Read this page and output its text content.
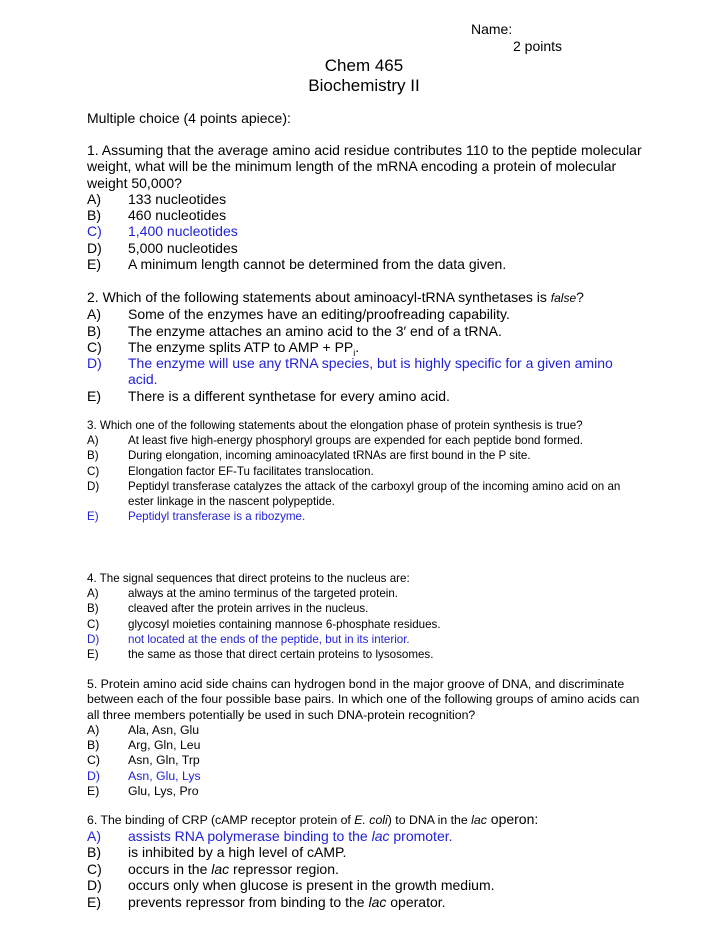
Name:
2 points
Chem 465
Biochemistry II
Multiple choice (4 points apiece):

1. Assuming that the average amino acid residue contributes 110 to the peptide molecular weight, what will be the minimum length of the mRNA encoding a protein of molecular weight 50,000?

A)	133 nucleotides
B)	460 nucleotides
C)	1,400 nucleotides
D)	5,000 nucleotides
E)	A minimum length cannot be determined from the data given.

2. Which of the following statements about aminoacyl-tRNA synthetases is false?

A)	Some of the enzymes have an editing/proofreading capability.
B)	The enzyme attaches an amino acid to the 3′ end of a tRNA.
C)	The enzyme splits ATP to AMP + $PP_i$.
D)	The enzyme will use any tRNA species, but is highly specific for a given amino acid.
E)	There is a different synthetase for every amino acid.

3. Which one of the following statements about the elongation phase of protein synthesis is true?

A)	At least five high-energy phosphoryl groups are expended for each peptide bond formed.
B)	During elongation, incoming aminoacylated tRNAs are first bound in the P site.
C)	Elongation factor EF-Tu facilitates translocation.
D)	Peptidyl transferase catalyzes the attack of the carboxyl group of the incoming amino acid on an ester linkage in the nascent polypeptide.
E)	Peptidyl transferase is a ribozyme.

4. The signal sequences that direct proteins to the nucleus are:

A)	always at the amino terminus of the targeted protein.
B)	cleaved after the protein arrives in the nucleus.
C)	glycosyl moieties containing mannose 6-phosphate residues.
D)	not located at the ends of the peptide, but in its interior.
E)	the same as those that direct certain proteins to lysosomes.

5. Protein amino acid side chains can hydrogen bond in the major groove of DNA, and discriminate between each of the four possible base pairs. In which one of the following groups of amino acids can all three members potentially be used in such DNA-protein recognition?

A)	Ala, Asn, Glu
B)	Arg, Gln, Leu
C)	Asn, Gln, Trp
D)	Asn, Glu, Lys
E)	Glu, Lys, Pro

6. The binding of CRP (cAMP receptor protein of E. coli) to DNA in the lac operon:

A)	assists RNA polymerase binding to the lac promoter.
B)	is inhibited by a high level of cAMP.
C)	occurs in the lac repressor region.
D)	occurs only when glucose is present in the growth medium.
E)	prevents repressor from binding to the lac operator.
